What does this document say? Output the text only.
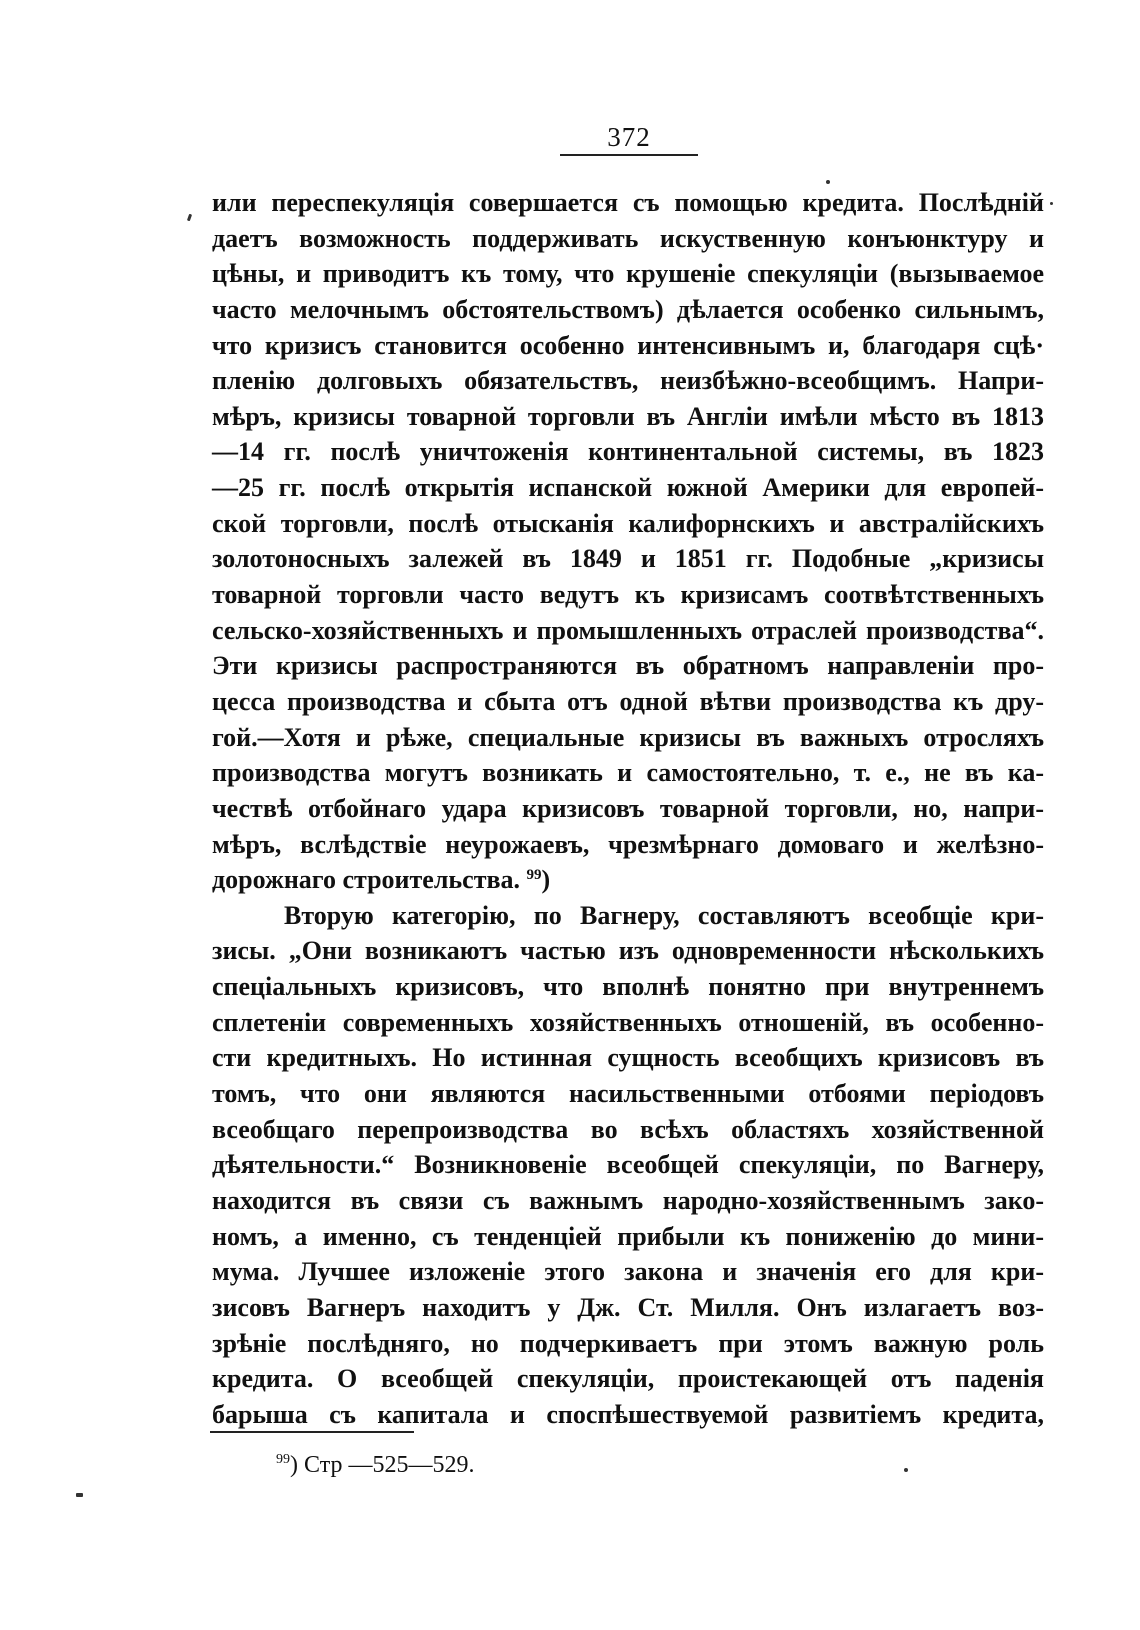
372
или переспекуляція совершается съ помощью кредита. Послѣдній
даетъ возможность поддерживать искуственную конъюнктуру и
цѣны, и приводитъ къ тому, что крушеніе спекуляціи (вызываемое
часто мелочнымъ обстоятельствомъ) дѣлается особенко сильнымъ,
что кризисъ становится особенно интенсивнымъ и, благодаря сцѣ·
пленію долговыхъ обязательствъ, неизбѣжно-всеобщимъ. Напри-
мѣръ, кризисы товарной торговли въ Англіи имѣли мѣсто въ 1813
—14 гг. послѣ уничтоженія континентальной системы, въ 1823
—25 гг. послѣ открытія испанской южной Америки для европей-
ской торговли, послѣ отысканія калифорнскихъ и австралійскихъ
золотоносныхъ залежей въ 1849 и 1851 гг. Подобные „кризисы
товарной торговли часто ведутъ къ кризисамъ соотвѣтственныхъ
сельско-хозяйственныхъ и промышленныхъ отраслей производства“.
Эти кризисы распространяются въ обратномъ направленіи про-
цесса производства и сбыта отъ одной вѣтви производства къ дру-
гой.—Хотя и рѣже, специальные кризисы въ важныхъ отросляхъ
производства могутъ возникать и самостоятельно, т. е., не въ ка-
чествѣ отбойнаго удара кризисовъ товарной торговли, но, напри-
мѣръ, вслѣдствіе неурожаевъ, чрезмѣрнаго домоваго и желѣзно-
дорожнаго строительства. $^{99}$)
Вторую категорію, по Вагнеру, составляютъ всеобщіе кри-
зисы. „Они возникаютъ частью изъ одновременности нѣсколькихъ
спеціальныхъ кризисовъ, что вполнѣ понятно при внутреннемъ
сплетеніи современныхъ хозяйственныхъ отношеній, въ особенно-
сти кредитныхъ. Но истинная сущность всеобщихъ кризисовъ въ
томъ, что они являются насильственными отбоями періодовъ
всеобщаго перепроизводства во всѣхъ областяхъ хозяйственной
дѣятельности.“ Возникновеніе всеобщей спекуляціи, по Вагнеру,
находится въ связи съ важнымъ народно-хозяйственнымъ зако-
номъ, а именно, съ тенденціей прибыли къ пониженію до мини-
мума. Лучшее изложеніе этого закона и значенія его для кри-
зисовъ Вагнеръ находитъ у Дж. Ст. Милля. Онъ излагаетъ воз-
зрѣніе послѣдняго, но подчеркиваетъ при этомъ важную роль
кредита. О всеобщей спекуляціи, проистекающей отъ паденія
барыша съ капитала и споспѣшествуемой развитіемъ кредита,
$^{99}$) Стр —525—529.
